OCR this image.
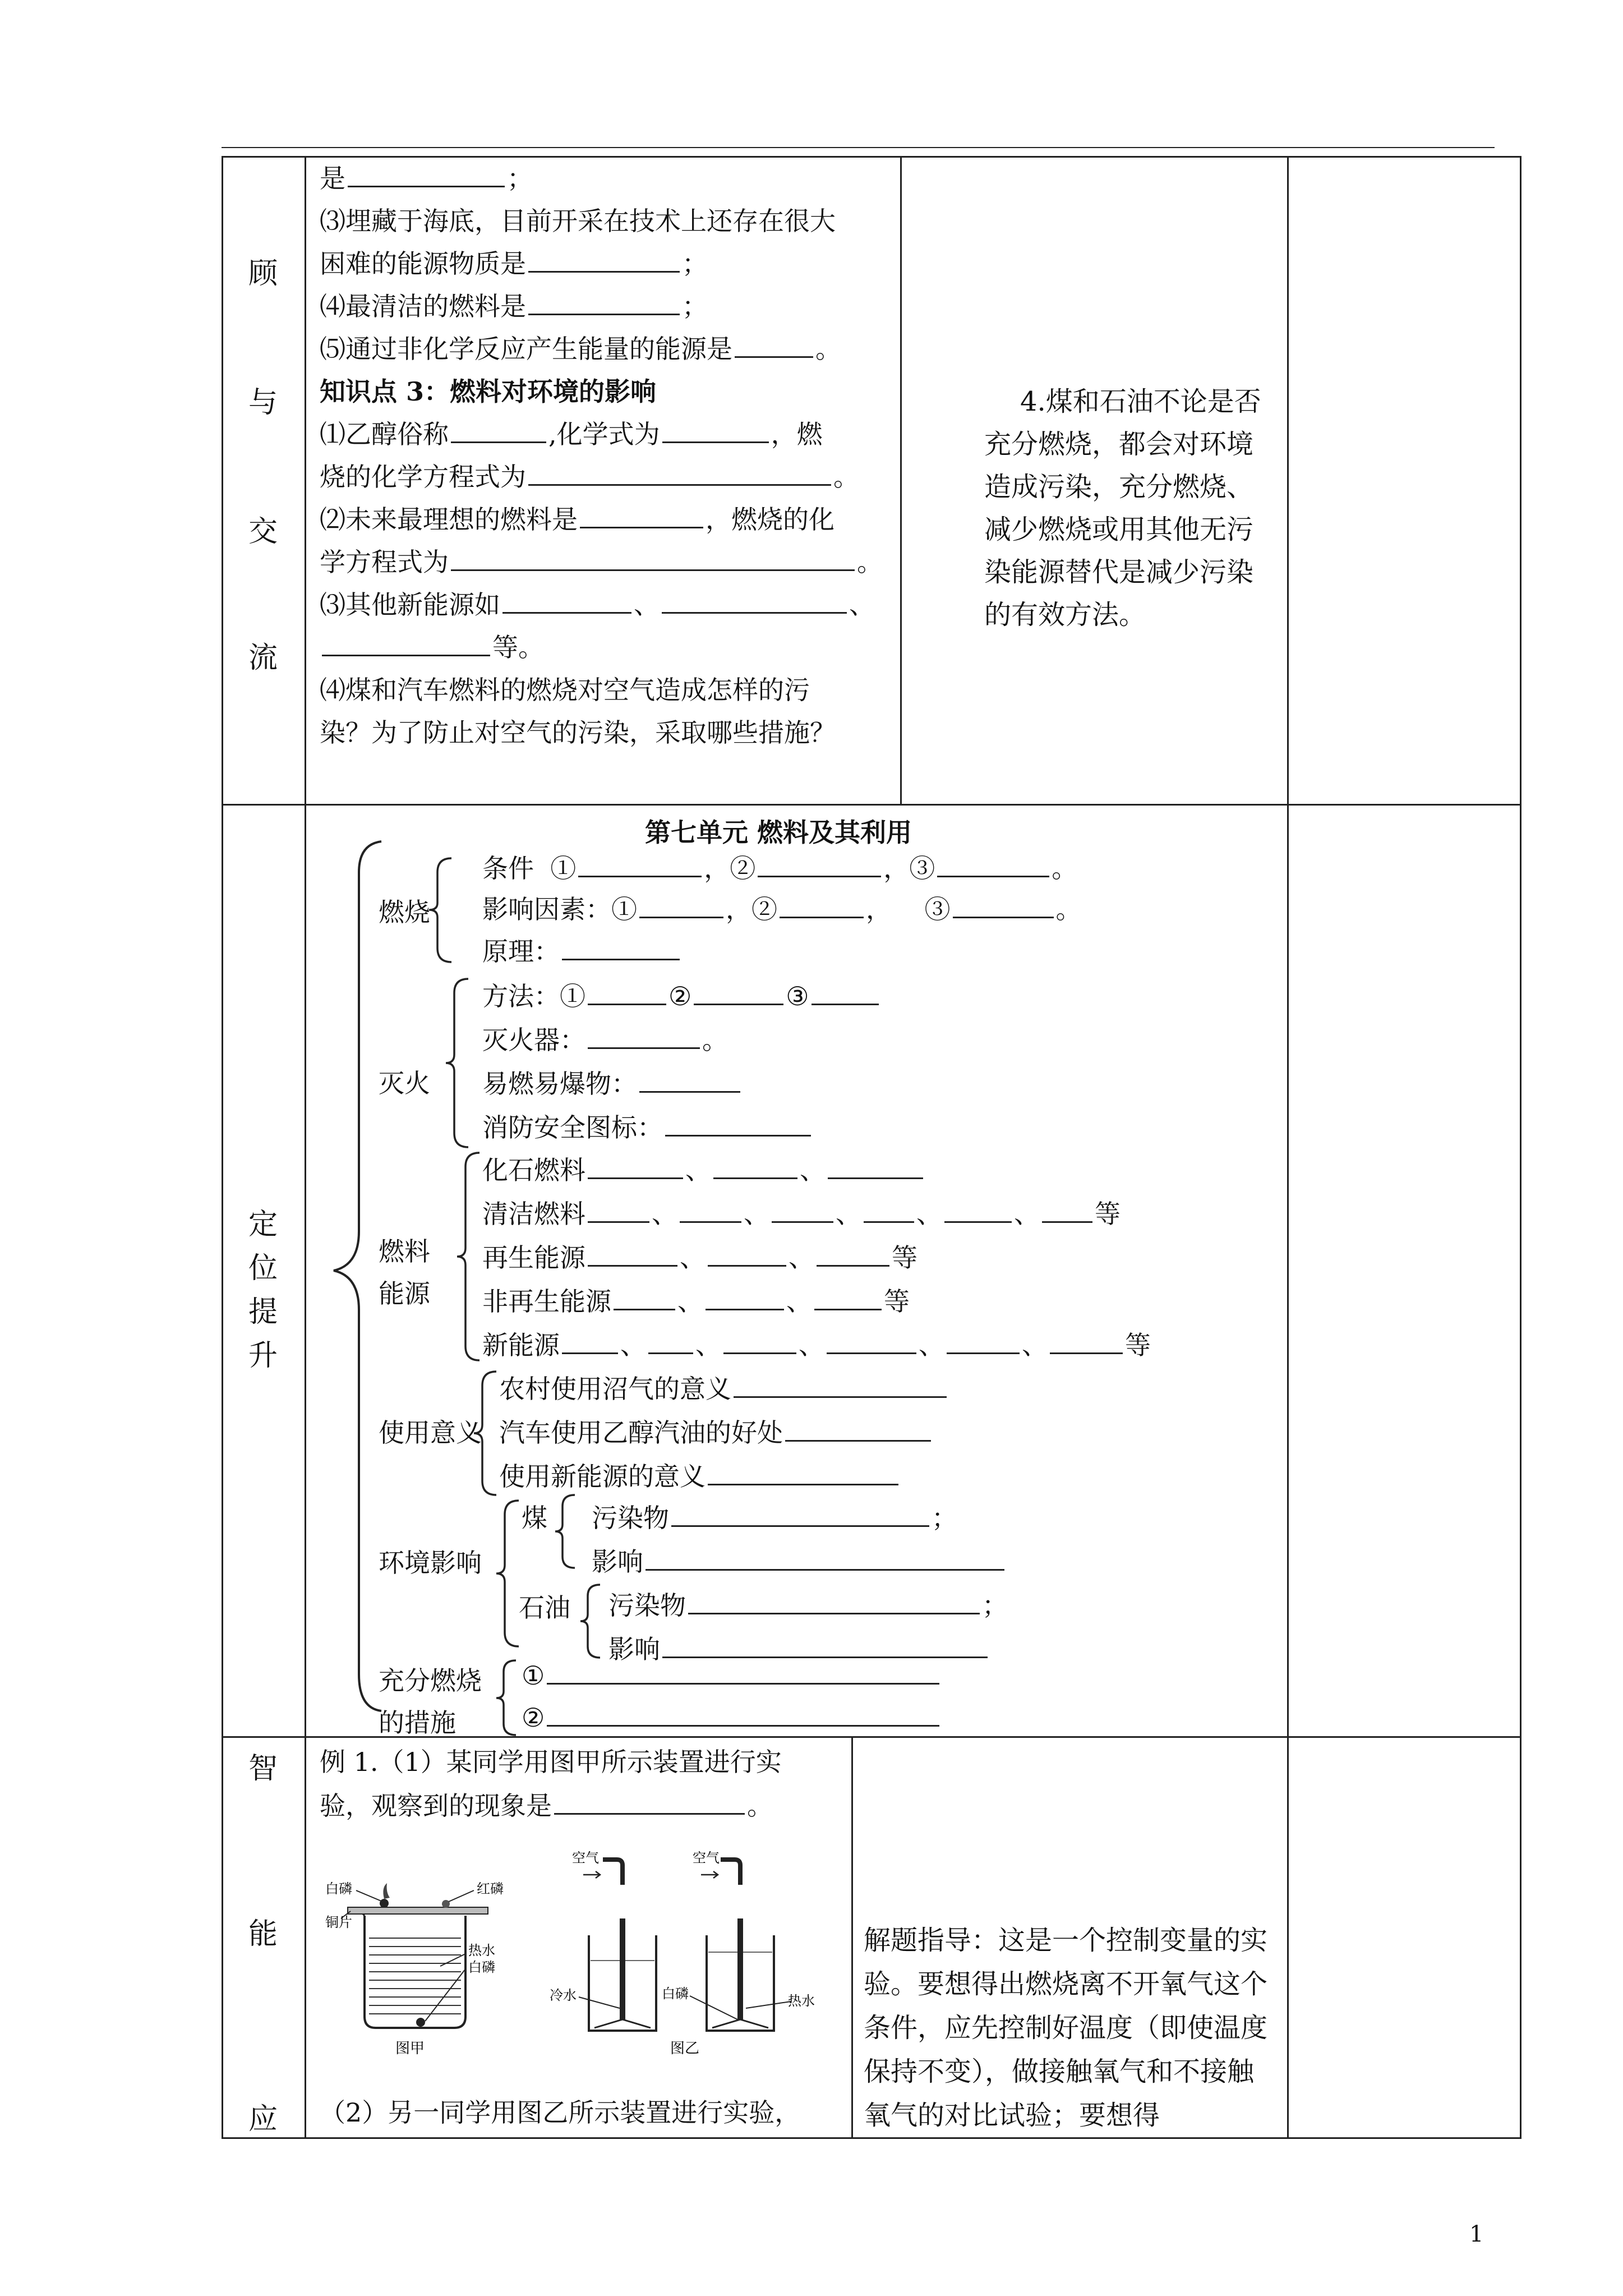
顾
与
交
流
是	；
⑶埋藏于海底，目前开采在技术上还存在很大
困难的能源物质是	；
⑷最清洁的燃料是	；
⑸通过非化学反应产生能量的能源是	。
知识点 3：燃料对环境的影响
⑴乙醇俗称	,化学式为	，燃
烧的化学方程式为	。
⑵未来最理想的燃料是	，燃烧的化
学方程式为	。
⑶其他新能源如	、	、
等。
⑷煤和汽车燃料的燃烧对空气造成怎样的污
染？为了防止对空气的污染，采取哪些措施？
4.煤和石油不论是否充分燃烧，都会对环境造成污染，充分燃烧、减少燃烧或用其他无污染能源替代是减少污染的有效方法。
定
位
提
升
第七单元 燃料及其利用
燃烧
条件 ①	，②	，③	。
影响因素：①	，②	，    ③	。
原理：
灭火
方法：①	②	③
灭火器：	。
易燃易爆物：
消防安全图标：
燃料
能源
化石燃料	、	、
清洁燃料	、	、	、 、	、 等
再生能源	、	、	等
非再生能源	、	、	等
新能源 、 、	、	、	、	等
使用意义
农村使用沼气的意义
汽车使用乙醇汽油的好处
使用新能源的意义
环境影响
煤 污染物	；
影响
石油 污染物	；
影响
充分燃烧
的措施
①
②
智
能
应
例 1.（1）某同学用图甲所示装置进行实
验，观察到的现象是	。
白磷	红磷
铜片
热水
白磷
图甲
空气	空气
冷水	白磷	热水
图乙
（2）另一同学用图乙所示装置进行实验，
解题指导：这是一个控制变量的实验。要想得出燃烧离不开氧气这个条件，应先控制好温度（即使温度保持不变），做接触氧气和不接触氧气的对比试验；要想得
1
